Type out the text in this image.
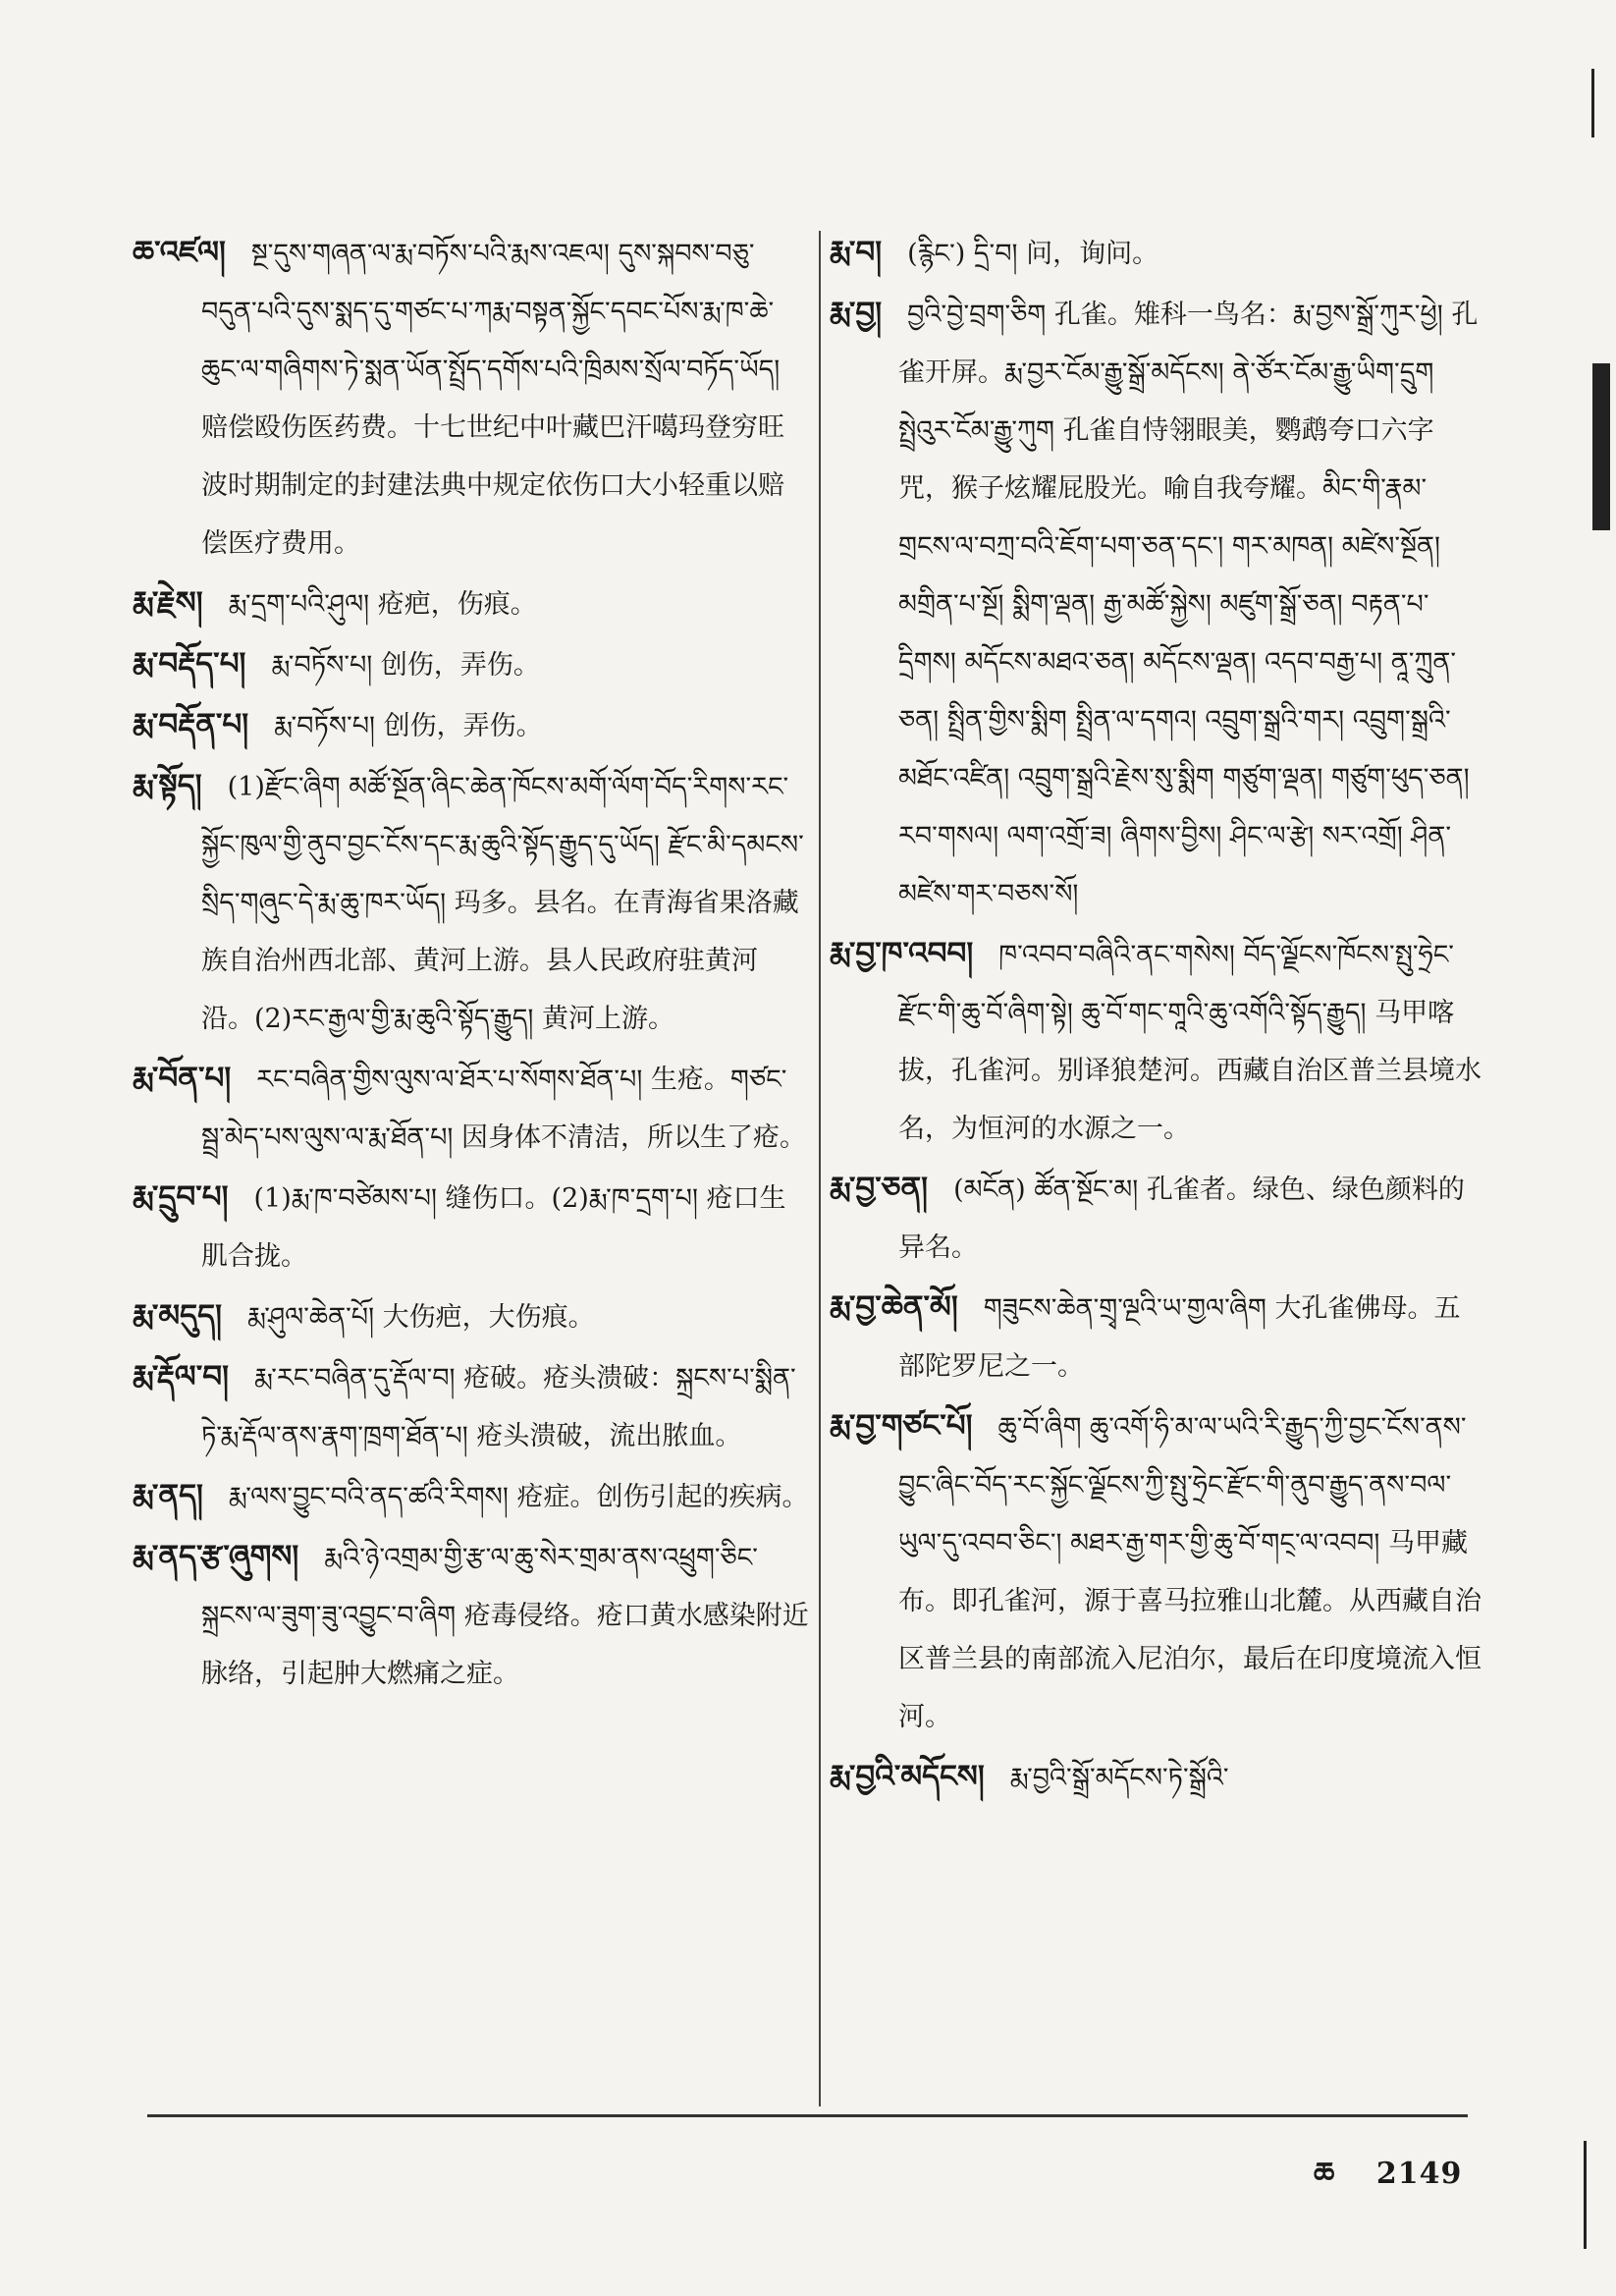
ཆ་འཛལ། སྔ་དུས་གཞན་ལ་རྨ་བཏོས་པའི་རྨས་འཇལ། དུས་སྐབས་བཅུ་བདུན་པའི་དུས་སྨད་དུ་གཙང་པ་ཀརྨ་བསྟན་སྐྱོང་དབང་པོས་རྨ་ཁ་ཆེ་ཆུང་ལ་གཞིགས་ཏེ་སྨན་ཡོན་སྤྲོད་དགོས་པའི་ཁྲིམས་སྲོལ་བཏོད་ཡོད། 赔偿殴伤医药费。十七世纪中叶藏巴汗噶玛登穷旺波时期制定的封建法典中规定依伤口大小轻重以赔偿医疗费用。

རྨ་རྗེས། རྨ་དྲག་པའི་ཤུལ། 疮疤，伤痕。

རྨ་བརྡོད་པ། རྨ་བཏོས་པ། 创伤，弄伤。

རྨ་བརྡོན་པ། རྨ་བཏོས་པ། 创伤，弄伤。

རྨ་སྟོད། (1)རྫོང་ཞིག མཚོ་སྔོན་ཞིང་ཆེན་ཁོངས་མགོ་ལོག་བོད་རིགས་རང་སྐྱོང་ཁུལ་གྱི་ནུབ་བྱང་ངོས་དང་རྨ་ཆུའི་སྟོད་རྒྱུད་དུ་ཡོད། རྫོང་མི་དམངས་སྲིད་གཞུང་དེ་རྨ་ཆུ་ཁར་ཡོད། 玛多。县名。在青海省果洛藏族自治州西北部、黄河上游。县人民政府驻黄河沿。(2)རང་རྒྱལ་གྱི་རྨ་ཆུའི་སྟོད་རྒྱུད། 黄河上游。

རྨ་བོན་པ། རང་བཞིན་གྱིས་ལུས་ལ་ཐོར་པ་སོགས་ཐོན་པ། 生疮。གཙང་སྦྲ་མེད་པས་ལུས་ལ་རྨ་ཐོན་པ། 因身体不清洁，所以生了疮。

རྨ་དྲུབ་པ། (1)རྨ་ཁ་བཙེམས་པ། 缝伤口。(2)རྨ་ཁ་དྲག་པ། 疮口生肌合拢。

རྨ་མདུད། རྨ་ཤུལ་ཆེན་པོ། 大伤疤，大伤痕。

རྨ་རྡོལ་བ། རྨ་རང་བཞིན་དུ་རྡོལ་བ། 疮破。疮头溃破：སྐྲངས་པ་སྨིན་ཏེ་རྨ་རྡོལ་ནས་རྣག་ཁྲག་ཐོན་པ། 疮头溃破，流出脓血。

རྨ་ནད། རྨ་ལས་བྱུང་བའི་ནད་ཚའི་རིགས། 疮症。创伤引起的疾病。

རྨ་ནད་རྩ་ཞུགས། རྨའི་ཉེ་འགྲམ་གྱི་རྩ་ལ་ཆུ་སེར་གྲམ་ནས་འཕྲུག་ཅིང་སྐྲངས་ལ་ཟུག་ཟུ་འབྱུང་བ་ཞིག 疮毒侵络。疮口黄水感染附近脉络，引起肿大燃痛之症。

རྨ་བ། (རྙིང་) དྲི་བ། 问，询问。

རྨ་བྱ། བྱའི་བྱེ་བྲག་ཅིག 孔雀。雉科一鸟名：རྨ་བྱས་སྒྲོ་ཀུར་ཕྱེ། 孔雀开屏。རྨ་བྱར་ངོམ་རྒྱུ་སྒྲོ་མདོངས། ནེ་ཙོར་ངོམ་རྒྱུ་ཡིག་དྲུག སྤྲེའུར་ངོམ་རྒྱུ་ཀུག 孔雀自恃翎眼美，鹦鹉夸口六字咒，猴子炫耀屁股光。喻自我夸耀。མིང་གི་རྣམ་གྲངས་ལ་བཀྲ་བའི་ཇོག་པག་ཅན་དང་། གར་མཁན། མཛེས་སྔོན། མགྲིན་པ་སྔོ། སྨིག་ལྡན། རྒྱ་མཚོ་སྐྱེས། མཛུག་སྒྲོ་ཅན། བརྟན་པ་དྲིགས། མདོངས་མཐའ་ཅན། མདོངས་ལྡན། འདབ་བརྒྱ་པ། ནཱ་ཀྲུན་ཅན། སྤྲིན་གྱིས་སྨིག སྤྲིན་ལ་དགའ། འབྲུག་སྒྲའི་གར། འབྲུག་སྒྲའི་མཐོང་འཛིན། འབྲུག་སྒྲའི་རྗེས་སུ་སྨིག གཙུག་ལྡན། གཙུག་ཕུད་ཅན། རབ་གསལ། ལག་འགྲོ་ཟ། ཞིགས་བྱིས། ཤིང་ལ་རྩེ། སར་འགྲོ། ཤིན་མཛེས་གར་བཅས་སོ།

རྨ་བྱ་ཁ་འབབ། ཁ་འབབ་བཞིའི་ནང་གསེས། བོད་ལྗོངས་ཁོངས་སྤུ་ཧྲེང་རྫོང་གི་ཆུ་བོ་ཞིག་སྟེ། ཆུ་བོ་གང་གཱའི་ཆུ་འགོའི་སྟོད་རྒྱུད། 马甲喀拔，孔雀河。别译狼楚河。西藏自治区普兰县境水名，为恒河的水源之一。

རྨ་བྱ་ཅན། (མངོན) ཚོན་སྔོང་མ། 孔雀者。绿色、绿色颜料的异名。

རྨ་བྱ་ཆེན་མོ། གཟུངས་ཆེན་གྲྭ་ལྔའི་ཡ་གྱལ་ཞིག 大孔雀佛母。五部陀罗尼之一。

རྨ་བྱ་གཙང་པོ། ཆུ་བོ་ཞིག ཆུ་འགོ་ཧི་མ་ལ་ཡའི་རི་རྒྱུད་ཀྱི་བྱང་ངོས་ནས་བྱུང་ཞིང་བོད་རང་སྐྱོང་ལྗོངས་ཀྱི་སྤུ་ཧྲེང་རྫོང་གི་ནུབ་རྒྱུད་ནས་བལ་ཡུལ་དུ་འབབ་ཅིང་། མཐར་རྒྱ་གར་གྱི་ཆུ་བོ་གང྄་ལ་འབབ། 马甲藏布。即孔雀河，源于喜马拉雅山北麓。从西藏自治区普兰县的南部流入尼泊尔，最后在印度境流入恒河。

རྨ་བྱའི་མདོངས། རྨ་བྱའི་སྒྲོ་མདོངས་ཏེ་སྒྲོའི་

ཆ 2149
